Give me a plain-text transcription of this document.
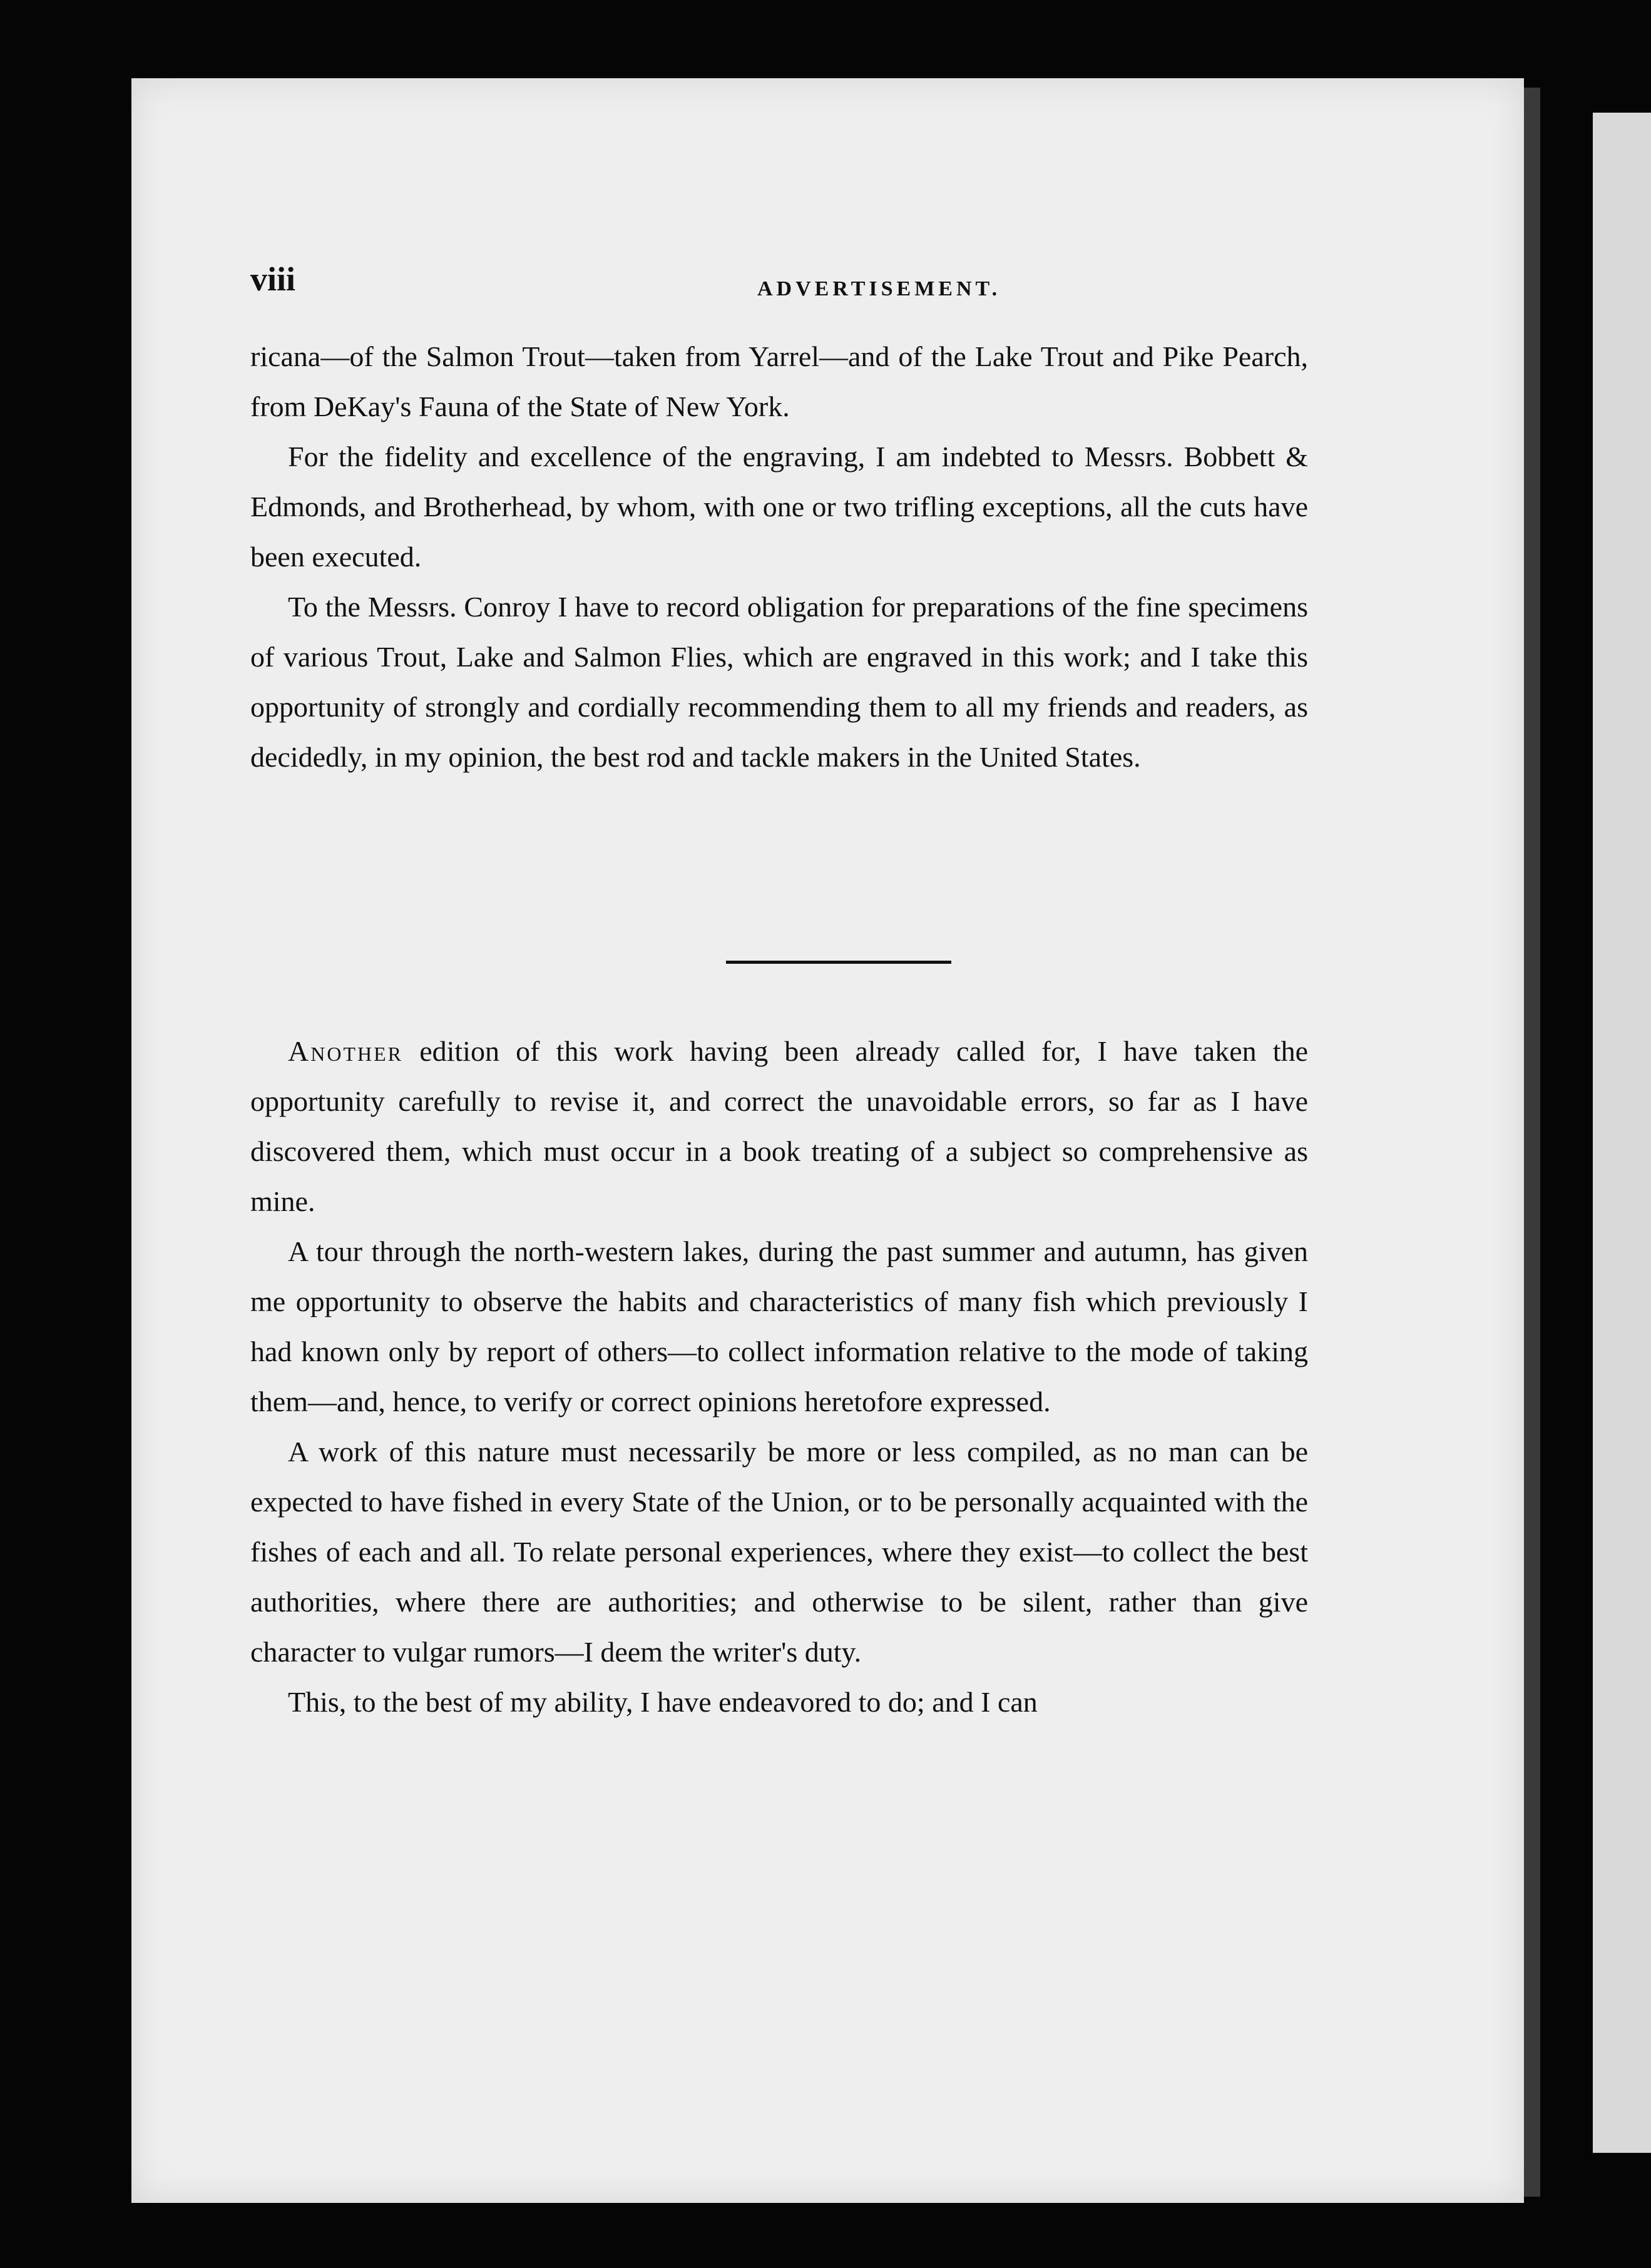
viii	ADVERTISEMENT.

ricana—of the Salmon Trout—taken from Yarrel—and of the Lake Trout and Pike Pearch, from DeKay's Fauna of the State of New York.

For the fidelity and excellence of the engraving, I am indebted to Messrs. Bobbett & Edmonds, and Brotherhead, by whom, with one or two trifling exceptions, all the cuts have been executed.

To the Messrs. Conroy I have to record obligation for preparations of the fine specimens of various Trout, Lake and Salmon Flies, which are engraved in this work; and I take this opportunity of strongly and cordially recommending them to all my friends and readers, as decidedly, in my opinion, the best rod and tackle makers in the United States.

Another edition of this work having been already called for, I have taken the opportunity carefully to revise it, and correct the unavoidable errors, so far as I have discovered them, which must occur in a book treating of a subject so comprehensive as mine.

A tour through the north-western lakes, during the past summer and autumn, has given me opportunity to observe the habits and characteristics of many fish which previously I had known only by report of others—to collect information relative to the mode of taking them—and, hence, to verify or correct opinions heretofore expressed.

A work of this nature must necessarily be more or less compiled, as no man can be expected to have fished in every State of the Union, or to be personally acquainted with the fishes of each and all. To relate personal experiences, where they exist—to collect the best authorities, where there are authorities; and otherwise to be silent, rather than give character to vulgar rumors—I deem the writer's duty.

This, to the best of my ability, I have endeavored to do; and I can
